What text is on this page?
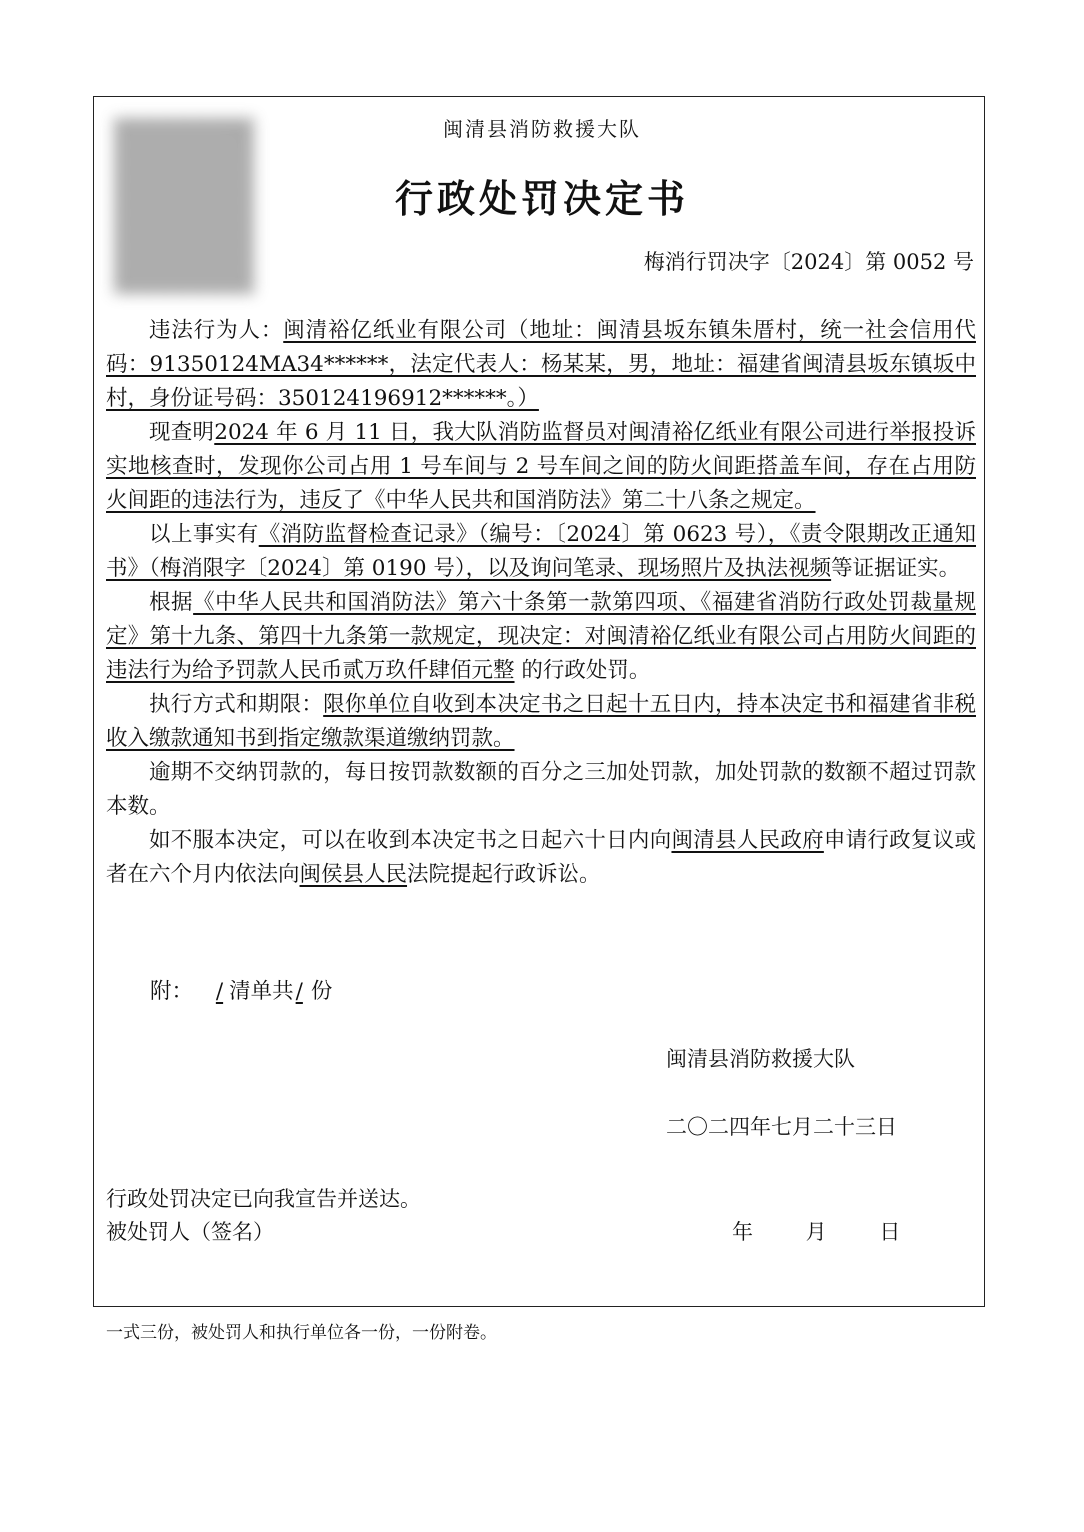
闽清县消防救援大队
行政处罚决定书
梅消行罚决字〔2024〕第 0052 号

违法行为人：闽清裕亿纸业有限公司（地址：闽清县坂东镇朱厝村，统一社会信用代码：91350124MA34******，法定代表人：杨某某，男，地址：福建省闽清县坂东镇坂中村，身份证号码：350124196912******。）

现查明2024 年 6 月 11 日，我大队消防监督员对闽清裕亿纸业有限公司进行举报投诉实地核查时，发现你公司占用 1 号车间与 2 号车间之间的防火间距搭盖车间，存在占用防火间距的违法行为，违反了《中华人民共和国消防法》第二十八条之规定。

以上事实有《消防监督检查记录》（编号：〔2024〕第 0623 号），《责令限期改正通知书》（梅消限字〔2024〕第 0190 号），以及询问笔录、现场照片及执法视频等证据证实。

根据《中华人民共和国消防法》第六十条第一款第四项、《福建省消防行政处罚裁量规定》第十九条、第四十九条第一款规定，现决定：对闽清裕亿纸业有限公司占用防火间距的违法行为给予罚款人民币贰万玖仟肆佰元整 的行政处罚。

执行方式和期限：限你单位自收到本决定书之日起十五日内，持本决定书和福建省非税收入缴款通知书到指定缴款渠道缴纳罚款。

逾期不交纳罚款的，每日按罚款数额的百分之三加处罚款，加处罚款的数额不超过罚款本数。

如不服本决定，可以在收到本决定书之日起六十日内向闽清县人民政府申请行政复议或者在六个月内依法向闽侯县人民法院提起行政诉讼。

附： / 清单共/ 份
闽清县消防救援大队
二〇二四年七月二十三日
行政处罚决定已向我宣告并送达。
被处罚人（签名）	年 月 日
一式三份，被处罚人和执行单位各一份，一份附卷。
